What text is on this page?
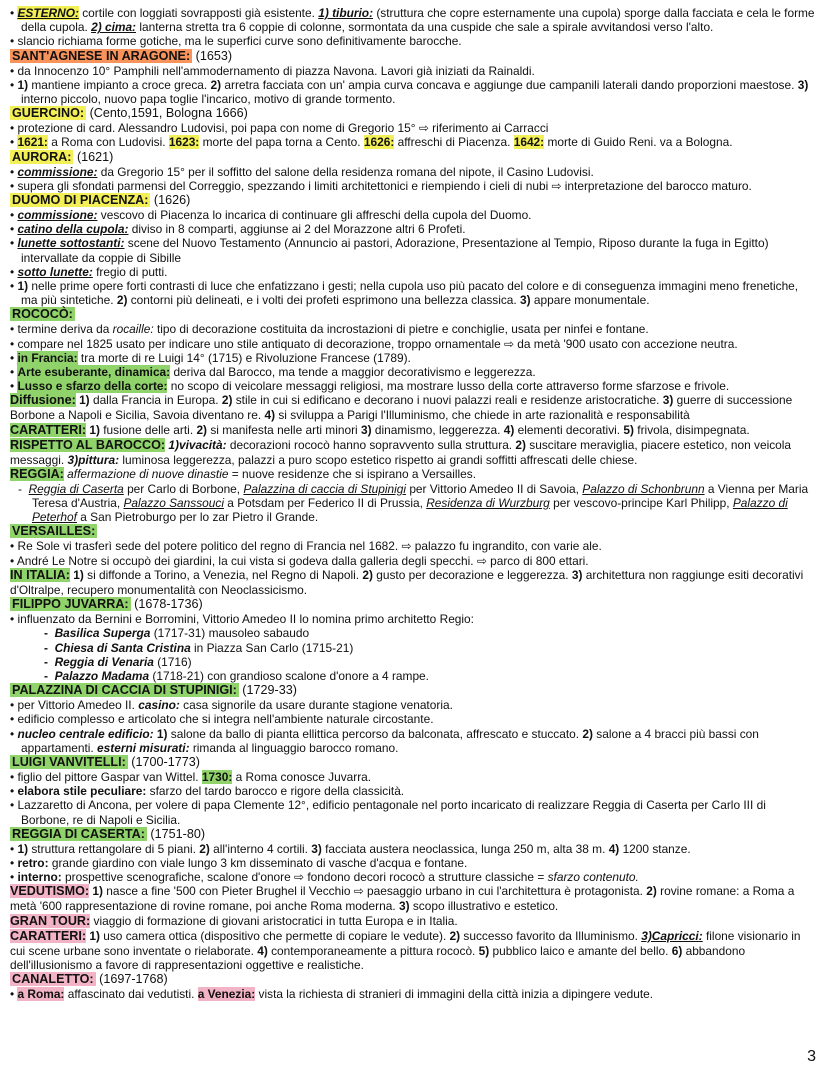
• ESTERNO: cortile con loggiati sovrapposti già esistente. 1) tiburio: (struttura che copre esternamente una cupola) sporge dalla facciata e cela le forme della cupola. 2) cima: lanterna stretta tra 6 coppie di colonne, sormontata da una cuspide che sale a spirale avvitandosi verso l'alto.

• slancio richiama forme gotiche, ma le superfici curve sono definitivamente barocche.

SANT'AGNESE IN ARAGONE: (1653)

• da Innocenzo 10° Pamphili nell'ammodernamento di piazza Navona. Lavori già iniziati da Rainaldi.

• 1) mantiene impianto a croce greca. 2) arretra facciata con un' ampia curva concava e aggiunge due campanili laterali dando proporzioni maestose. 3) interno piccolo, nuovo papa toglie l'incarico, motivo di grande tormento.

GUERCINO: (Cento,1591, Bologna 1666)

• protezione di card. Alessandro Ludovisi, poi papa con nome di Gregorio 15° ⇨ riferimento ai Carracci

• 1621: a Roma con Ludovisi. 1623: morte del papa torna a Cento. 1626: affreschi di Piacenza. 1642: morte di Guido Reni. va a Bologna.

AURORA: (1621)

• commissione: da Gregorio 15° per il soffitto del salone della residenza romana del nipote, il Casino Ludovisi.

• supera gli sfondati parmensi del Correggio, spezzando i limiti architettonici e riempiendo i cieli di nubi ⇨ interpretazione del barocco maturo.

DUOMO DI PIACENZA: (1626)

• commissione: vescovo di Piacenza lo incarica di continuare gli affreschi della cupola del Duomo.

• catino della cupola: diviso in 8 comparti, aggiunse ai 2 del Morazzone altri 6 Profeti.

• lunette sottostanti: scene del Nuovo Testamento (Annuncio ai pastori, Adorazione, Presentazione al Tempio, Riposo durante la fuga in Egitto) intervallate da coppie di Sibille

• sotto lunette: fregio di putti.

• 1) nelle prime opere forti contrasti di luce che enfatizzano i gesti; nella cupola uso più pacato del colore e di conseguenza immagini meno frenetiche, ma più sintetiche. 2) contorni più delineati, e i volti dei profeti esprimono una bellezza classica. 3) appare monumentale.

ROCOCÒ:

• termine deriva da rocaille: tipo di decorazione costituita da incrostazioni di pietre e conchiglie, usata per ninfei e fontane.

• compare nel 1825 usato per indicare uno stile antiquato di decorazione, troppo ornamentale ⇨ da metà '900 usato con accezione neutra.

• in Francia: tra morte di re Luigi 14° (1715) e Rivoluzione Francese (1789).

• Arte esuberante, dinamica: deriva dal Barocco, ma tende a maggior decorativismo e leggerezza.

• Lusso e sfarzo della corte: no scopo di veicolare messaggi religiosi, ma mostrare lusso della corte attraverso forme sfarzose e frivole.

Diffusione: 1) dalla Francia in Europa. 2) stile in cui si edificano e decorano i nuovi palazzi reali e residenze aristocratiche. 3) guerre di successione Borbone a Napoli e Sicilia, Savoia diventano re. 4) si sviluppa a Parigi l'Illuminismo, che chiede in arte razionalità e responsabilità

CARATTERI: 1) fusione delle arti. 2) si manifesta nelle arti minori 3) dinamismo, leggerezza. 4) elementi decorativi. 5) frivola, disimpegnata.

RISPETTO AL BAROCCO: 1)vivacità: decorazioni rococò hanno sopravvento sulla struttura. 2) suscitare meraviglia, piacere estetico, non veicola messaggi. 3)pittura: luminosa leggerezza, palazzi a puro scopo estetico rispetto ai grandi soffitti affrescati delle chiese.

REGGIA: affermazione di nuove dinastie = nuove residenze che si ispirano a Versailles.

- Reggia di Caserta per Carlo di Borbone, Palazzina di caccia di Stupinigi per Vittorio Amedeo II di Savoia, Palazzo di Schonbrunn a Vienna per Maria Teresa d'Austria, Palazzo Sanssouci a Potsdam per Federico II di Prussia, Residenza di Wurzburg per vescovo-principe Karl Philipp, Palazzo di Peterhof a San Pietroburgo per lo zar Pietro il Grande.

VERSAILLES:

• Re Sole vi trasferì sede del potere politico del regno di Francia nel 1682. ⇨ palazzo fu ingrandito, con varie ale.

• André Le Notre si occupò dei giardini, la cui vista si godeva dalla galleria degli specchi. ⇨ parco di 800 ettari.

IN ITALIA: 1) si diffonde a Torino, a Venezia, nel Regno di Napoli. 2) gusto per decorazione e leggerezza. 3) architettura non raggiunge esiti decorativi d'Oltralpe, recupero monumentalità con Neoclassicismo.

FILIPPO JUVARRA: (1678-1736)

• influenzato da Bernini e Borromini, Vittorio Amedeo II lo nomina primo architetto Regio:

- Basilica Superga (1717-31) mausoleo sabaudo

- Chiesa di Santa Cristina in Piazza San Carlo (1715-21)

- Reggia di Venaria (1716)

- Palazzo Madama (1718-21) con grandioso scalone d'onore a 4 rampe.

PALAZZINA DI CACCIA DI STUPINIGI: (1729-33)

• per Vittorio Amedeo II. casino: casa signorile da usare durante stagione venatoria.

• edificio complesso e articolato che si integra nell'ambiente naturale circostante.

• nucleo centrale edificio: 1) salone da ballo di pianta ellittica percorso da balconata, affrescato e stuccato. 2) salone a 4 bracci più bassi con appartamenti. esterni misurati: rimanda al linguaggio barocco romano.

LUIGI VANVITELLI: (1700-1773)

• figlio del pittore Gaspar van Wittel. 1730: a Roma conosce Juvarra.

• elabora stile peculiare: sfarzo del tardo barocco e rigore della classicità.

• Lazzaretto di Ancona, per volere di papa Clemente 12°, edificio pentagonale nel porto incaricato di realizzare Reggia di Caserta per Carlo III di Borbone, re di Napoli e Sicilia.

REGGIA DI CASERTA: (1751-80)

• 1) struttura rettangolare di 5 piani. 2) all'interno 4 cortili. 3) facciata austera neoclassica, lunga 250 m, alta 38 m. 4) 1200 stanze.

• retro: grande giardino con viale lungo 3 km disseminato di vasche d'acqua e fontane.

• interno: prospettive scenografiche, scalone d'onore ⇨ fondono decori rococò a strutture classiche = sfarzo contenuto.

VEDUTISMO: 1) nasce a fine '500 con Pieter Brughel il Vecchio ⇨ paesaggio urbano in cui l'architettura è protagonista. 2) rovine romane: a Roma a metà '600 rappresentazione di rovine romane, poi anche Roma moderna. 3) scopo illustrativo e estetico.

GRAN TOUR: viaggio di formazione di giovani aristocratici in tutta Europa e in Italia.

CARATTERI: 1) uso camera ottica (dispositivo che permette di copiare le vedute). 2) successo favorito da Illuminismo. 3)Capricci: filone visionario in cui scene urbane sono inventate o rielaborate. 4) contemporaneamente a pittura rococò. 5) pubblico laico e amante del bello. 6) abbandono dell'illusionismo a favore di rappresentazioni oggettive e realistiche.

CANALETTO: (1697-1768)

• a Roma: affascinato dai vedutisti. a Venezia: vista la richiesta di stranieri di immagini della città inizia a dipingere vedute.

3
